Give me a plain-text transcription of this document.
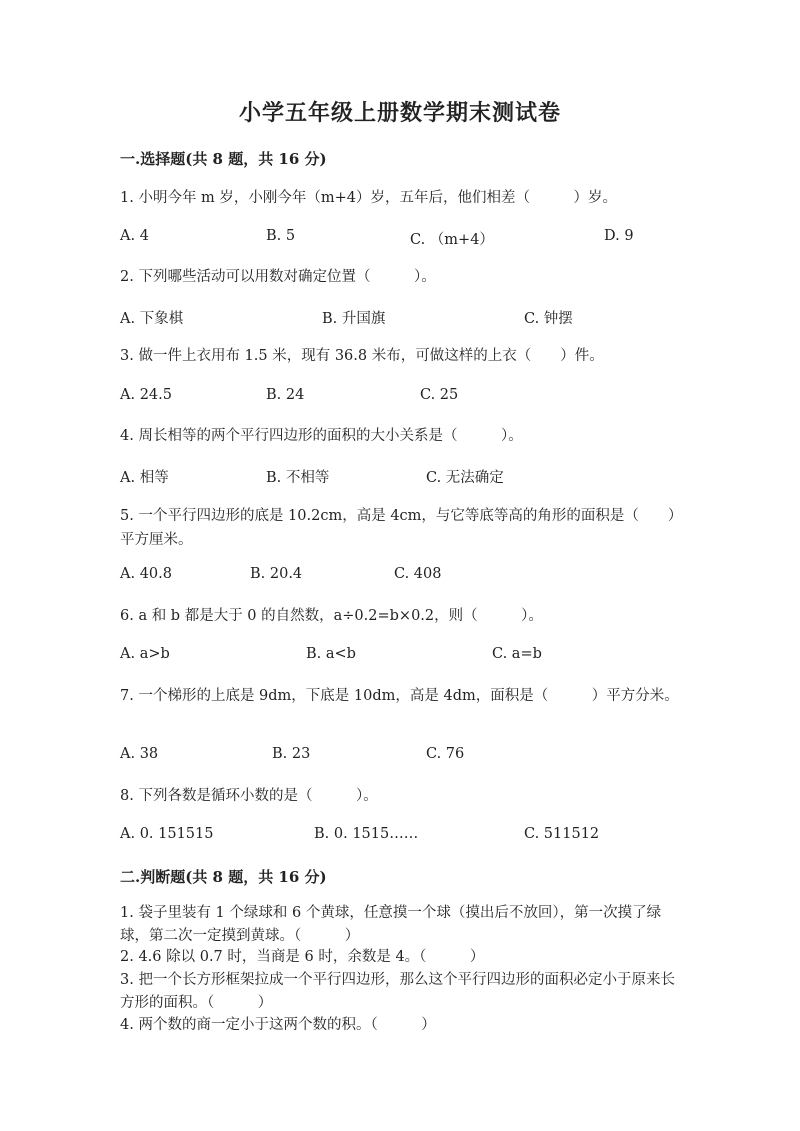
小学五年级上册数学期末测试卷
一.选择题(共 8 题，共 16 分)
1. 小明今年 m 岁，小刚今年（m+4）岁，五年后，他们相差（　　　）岁。
A. 4	B. 5	C. （m+4）	D. 9
2. 下列哪些活动可以用数对确定位置（　　　）。
A. 下象棋	B. 升国旗	C. 钟摆
3. 做一件上衣用布 1.5 米，现有 36.8 米布，可做这样的上衣（　　）件。
A. 24.5	B. 24	C. 25
4. 周长相等的两个平行四边形的面积的大小关系是（　　　）。
A. 相等	B. 不相等	C. 无法确定
5. 一个平行四边形的底是 10.2cm，高是 4cm，与它等底等高的角形的面积是（　　）平方厘米。
A. 40.8	B. 20.4	C. 408
6. a 和 b 都是大于 0 的自然数，a÷0.2=b×0.2，则（　　　）。
A. a>b	B. a<b	C. a=b
7. 一个梯形的上底是 9dm，下底是 10dm，高是 4dm，面积是（　　　）平方分米。
A. 38	B. 23	C. 76
8. 下列各数是循环小数的是（　　　）。
A. 0. 151515	B. 0. 1515……	C. 511512
二.判断题(共 8 题，共 16 分)
1. 袋子里装有 1 个绿球和 6 个黄球，任意摸一个球（摸出后不放回），第一次摸了绿球，第二次一定摸到黄球。（　　　）
2. 4.6 除以 0.7 时，当商是 6 时，余数是 4。（　　　）
3. 把一个长方形框架拉成一个平行四边形，那么这个平行四边形的面积必定小于原来长方形的面积。（　　　）
4. 两个数的商一定小于这两个数的积。（　　　）
